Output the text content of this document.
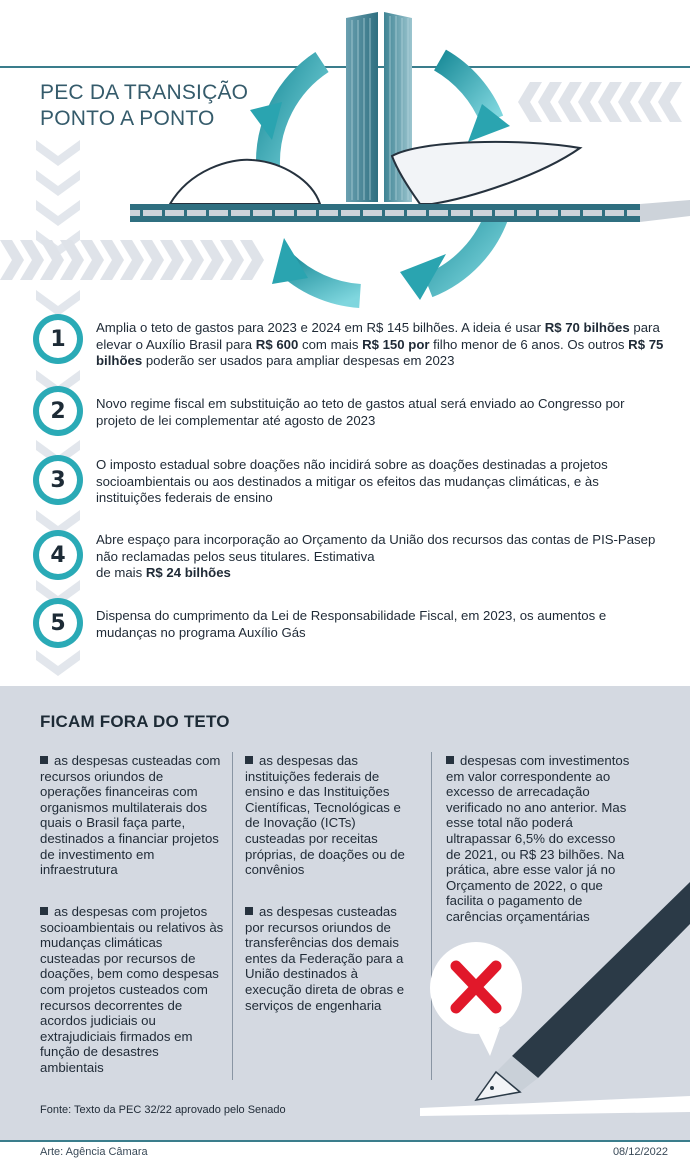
PEC DA TRANSIÇÃO
PONTO A PONTO
1	Amplia o teto de gastos para 2023 e 2024 em R$ 145 bilhões. A ideia é usar R$ 70 bilhões para elevar o Auxílio Brasil para R$ 600 com mais R$ 150 por filho menor de 6 anos. Os outros R$ 75 bilhões poderão ser usados para ampliar despesas em 2023
2	Novo regime fiscal em substituição ao teto de gastos atual será enviado ao Congresso por projeto de lei complementar até agosto de 2023
3
O imposto estadual sobre doações não incidirá sobre as doações destinadas a projetos socioambientais ou aos destinados a mitigar os efeitos das mudanças climáticas, e às instituições federais de ensino
4
Abre espaço para incorporação ao Orçamento da União dos recursos das contas de PIS-Pasep não reclamadas pelos seus titulares. Estimativa
de mais R$ 24 bilhões
5	Dispensa do cumprimento da Lei de Responsabilidade Fiscal, em 2023, os aumentos e mudanças no programa Auxílio Gás
FICAM FORA DO TETO
as despesas custeadas com recursos oriundos de operações financeiras com organismos multilaterais dos quais o Brasil faça parte, destinados a financiar projetos de investimento em infraestrutura
as despesas com projetos socioambientais ou relativos às mudanças climáticas custeadas por recursos de doações, bem como despesas com projetos custeados com recursos decorrentes de acordos judiciais ou extrajudiciais firmados em função de desastres ambientais
as despesas das instituições federais de ensino e das Instituições Científicas, Tecnológicas e de Inovação (ICTs) custeadas por receitas próprias, de doações ou de convênios
as despesas custeadas por recursos oriundos de transferências dos demais entes da Federação para a União destinados à execução direta de obras e serviços de engenharia
despesas com investimentos em valor correspondente ao excesso de arrecadação verificado no ano anterior. Mas esse total não poderá ultrapassar 6,5% do excesso de 2021, ou R$ 23 bilhões. Na prática, abre esse valor já no Orçamento de 2022, o que facilita o pagamento de carências orçamentárias
Fonte: Texto da PEC 32/22 aprovado pelo Senado
Arte: Agência Câmara	08/12/2022
